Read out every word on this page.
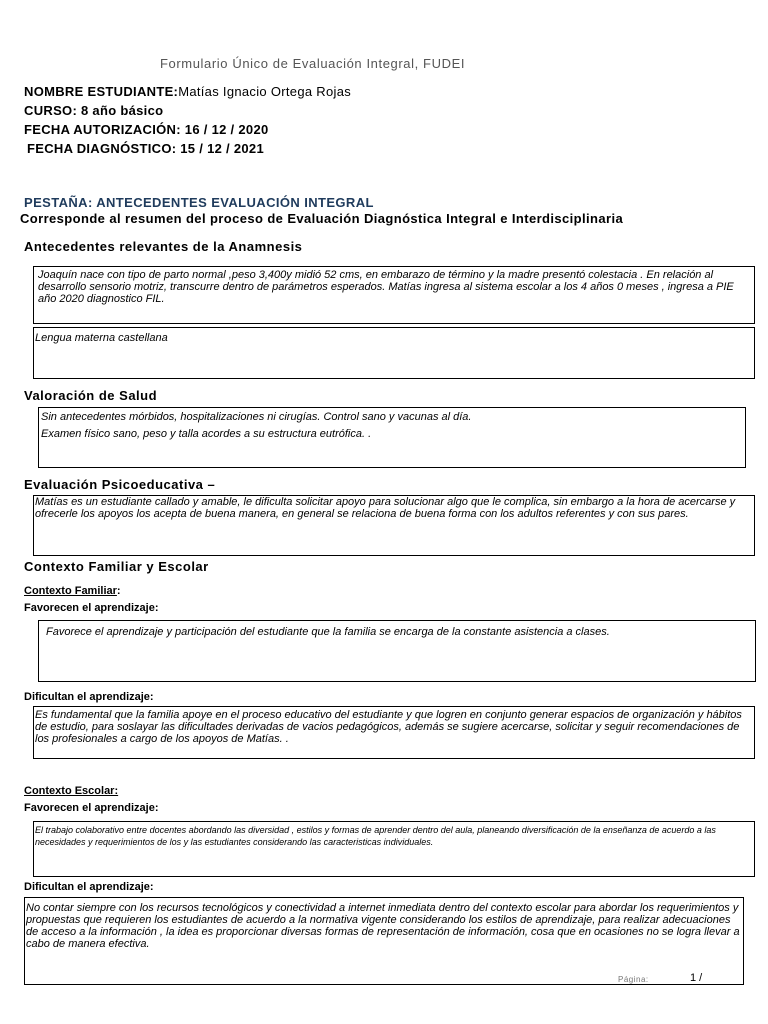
Formulario Único de Evaluación Integral, FUDEI
NOMBRE ESTUDIANTE:Matías Ignacio Ortega Rojas
CURSO: 8 año básico
FECHA AUTORIZACIÓN: 16 / 12 / 2020
FECHA DIAGNÓSTICO: 15 / 12 / 2021
PESTAÑA: ANTECEDENTES EVALUACIÓN INTEGRAL
Corresponde al resumen del proceso de Evaluación Diagnóstica Integral e Interdisciplinaria
Antecedentes relevantes de la Anamnesis

Joaquín nace con tipo de parto normal ,peso 3,400y midió 52 cms, en embarazo de término y la madre presentó colestacia . En relación al desarrollo sensorio motriz, transcurre dentro de parámetros esperados. Matías ingresa al sistema escolar a los 4 años 0 meses , ingresa a PIE año 2020 diagnostico FIL.

Lengua materna castellana

Valoración de Salud

Sin antecedentes mórbidos, hospitalizaciones ni cirugías. Control sano y vacunas al día.

Examen físico sano, peso y talla acordes a su estructura eutrófica. .

Evaluación Psicoeducativa –

Matías es un estudiante callado y amable, le dificulta solicitar apoyo para solucionar algo que le complica, sin embargo a la hora de acercarse y ofrecerle los apoyos los acepta de buena manera, en general se relaciona de buena forma con los adultos referentes y con sus pares.

Contexto Familiar y Escolar
Contexto Familiar:
Favorecen el aprendizaje:

Favorece el aprendizaje y participación del estudiante que la familia se encarga de la constante asistencia a clases.

Dificultan el aprendizaje:

Es fundamental que la familia apoye en el proceso educativo del estudiante y que logren en conjunto generar espacios de organización y hábitos de estudio, para soslayar las dificultades derivadas de vacios pedagógicos, además se sugiere acercarse, solicitar y seguir recomendaciones de los profesionales a cargo de los apoyos de Matías. .

Contexto Escolar:
Favorecen el aprendizaje:

El trabajo colaborativo entre docentes abordando las diversidad , estilos y formas de aprender dentro del aula, planeando diversificación de la enseñanza de acuerdo a las necesidades y requerimientos de los y las estudiantes considerando las caracteristicas individuales.

Dificultan el aprendizaje:

No contar siempre con los recursos tecnológicos y conectividad a internet inmediata dentro del contexto escolar para abordar los requerimientos y propuestas que requieren los estudiantes de acuerdo a la normativa vigente considerando los estilos de aprendizaje, para realizar adecuaciones de acceso a la información , la idea es proporcionar diversas formas de representación de información, cosa que en ocasiones no se logra llevar a cabo de manera efectiva.

Página:	1 /
